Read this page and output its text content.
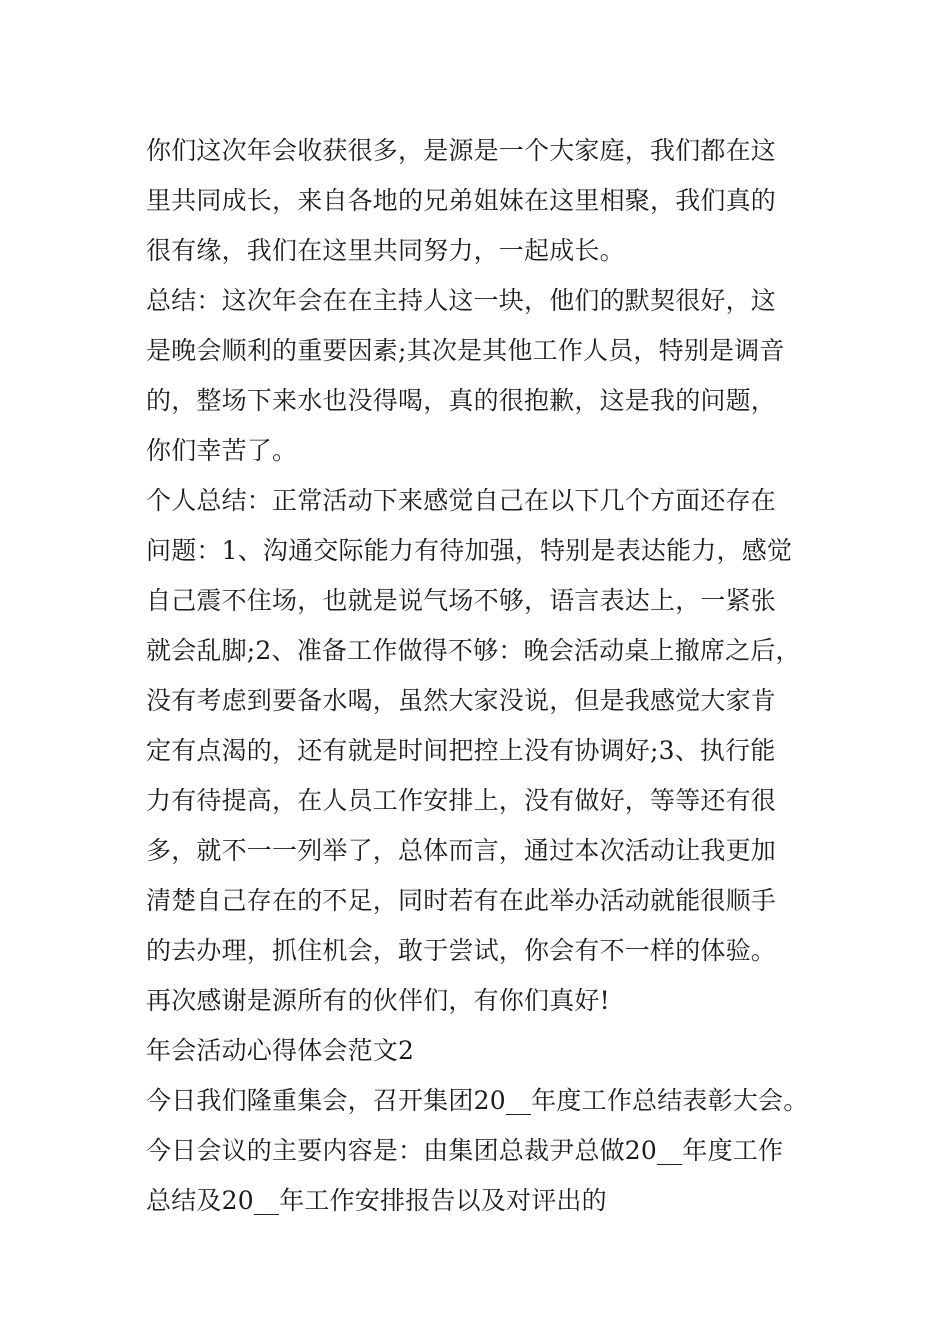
你们这次年会收获很多，是源是一个大家庭，我们都在这
里共同成长，来自各地的兄弟姐妹在这里相聚，我们真的
很有缘，我们在这里共同努力，一起成长。
总结：这次年会在在主持人这一块，他们的默契很好，这
是晚会顺利的重要因素;其次是其他工作人员，特别是调音
的，整场下来水也没得喝，真的很抱歉，这是我的问题，
你们幸苦了。
个人总结：正常活动下来感觉自己在以下几个方面还存在
问题：1、沟通交际能力有待加强，特别是表达能力，感觉
自己震不住场，也就是说气场不够，语言表达上，一紧张
就会乱脚;2、准备工作做得不够：晚会活动桌上撤席之后，
没有考虑到要备水喝，虽然大家没说，但是我感觉大家肯
定有点渴的，还有就是时间把控上没有协调好;3、执行能
力有待提高，在人员工作安排上，没有做好，等等还有很
多，就不一一列举了，总体而言，通过本次活动让我更加
清楚自己存在的不足，同时若有在此举办活动就能很顺手
的去办理，抓住机会，敢于尝试，你会有不一样的体验。
再次感谢是源所有的伙伴们，有你们真好!
年会活动心得体会范文2
今日我们隆重集会，召开集团20__年度工作总结表彰大会。
今日会议的主要内容是：由集团总裁尹总做20__年度工作
总结及20__年工作安排报告以及对评出的
